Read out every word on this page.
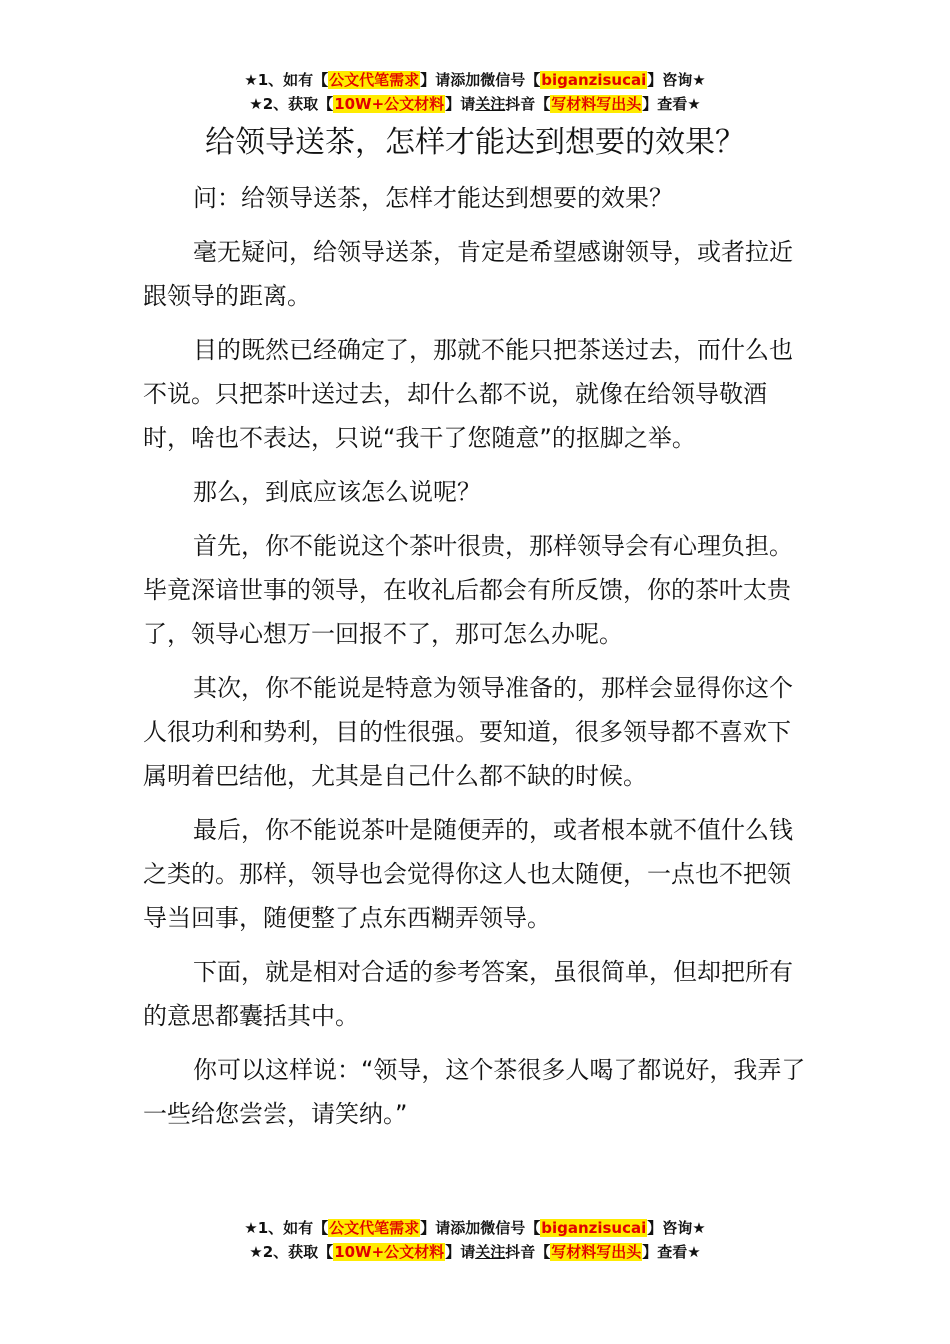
★1、如有【公文代笔需求】请添加微信号【biganzisucai】咨询★
★2、获取【10W+公文材料】请关注抖音【写材料写出头】查看★
给领导送茶，怎样才能达到想要的效果？

问：给领导送茶，怎样才能达到想要的效果？

毫无疑问，给领导送茶，肯定是希望感谢领导，或者拉近跟领导的距离。

目的既然已经确定了，那就不能只把茶送过去，而什么也不说。只把茶叶送过去，却什么都不说，就像在给领导敬酒时，啥也不表达，只说“我干了您随意”的抠脚之举。

那么，到底应该怎么说呢？

首先，你不能说这个茶叶很贵，那样领导会有心理负担。毕竟深谙世事的领导，在收礼后都会有所反馈，你的茶叶太贵了，领导心想万一回报不了，那可怎么办呢。

其次，你不能说是特意为领导准备的，那样会显得你这个人很功利和势利，目的性很强。要知道，很多领导都不喜欢下属明着巴结他，尤其是自己什么都不缺的时候。

最后，你不能说茶叶是随便弄的，或者根本就不值什么钱之类的。那样，领导也会觉得你这人也太随便，一点也不把领导当回事，随便整了点东西糊弄领导。

下面，就是相对合适的参考答案，虽很简单，但却把所有的意思都囊括其中。

你可以这样说：“领导，这个茶很多人喝了都说好，我弄了一些给您尝尝，请笑纳。”

★1、如有【公文代笔需求】请添加微信号【biganzisucai】咨询★
★2、获取【10W+公文材料】请关注抖音【写材料写出头】查看★
